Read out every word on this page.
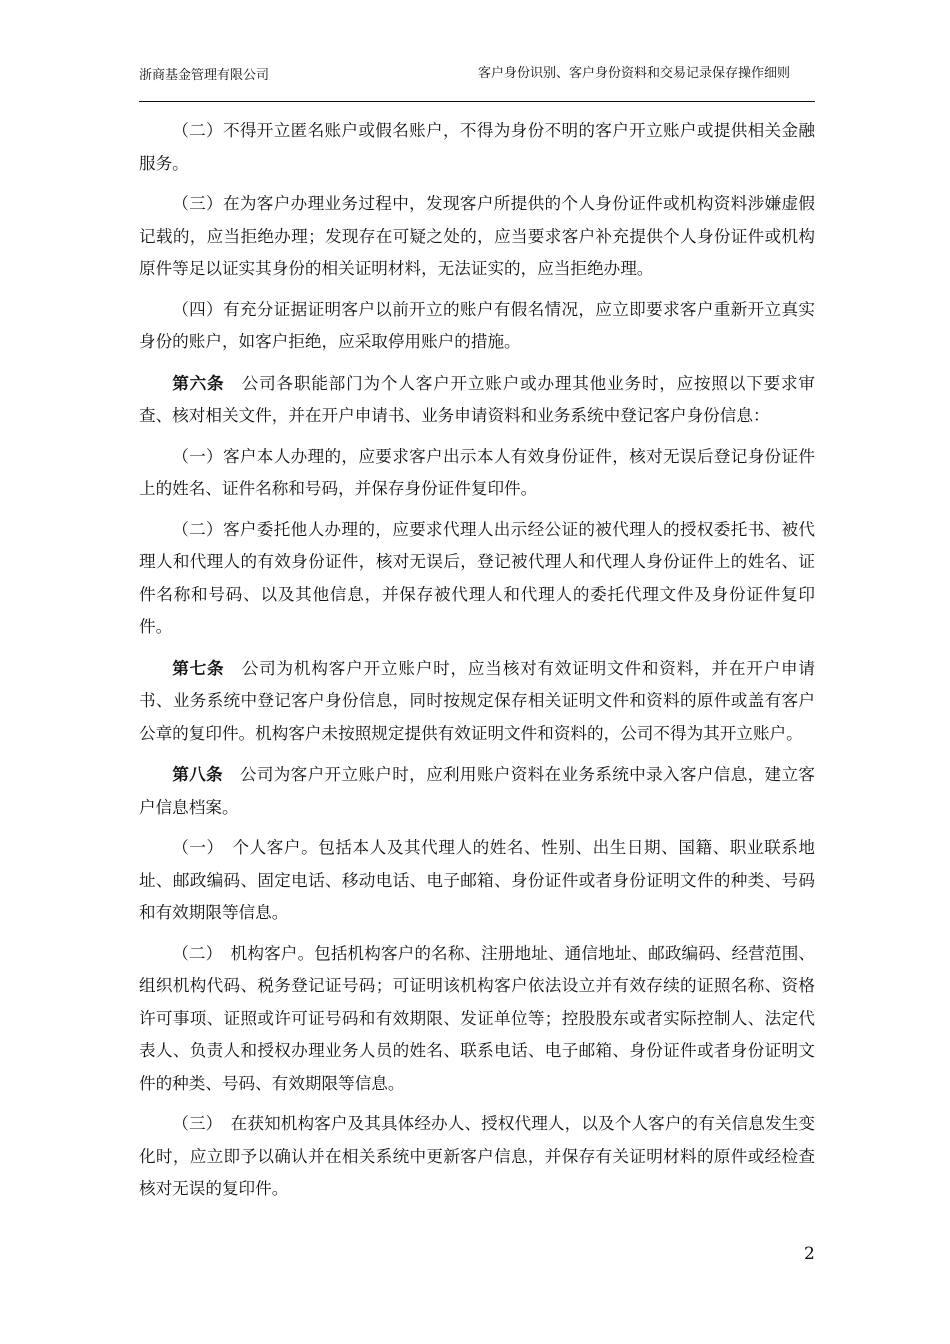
浙商基金管理有限公司	客户身份识别、客户身份资料和交易记录保存操作细则

（二）不得开立匿名账户或假名账户，不得为身份不明的客户开立账户或提供相关金融服务。

（三）在为客户办理业务过程中，发现客户所提供的个人身份证件或机构资料涉嫌虚假记载的，应当拒绝办理；发现存在可疑之处的，应当要求客户补充提供个人身份证件或机构原件等足以证实其身份的相关证明材料，无法证实的，应当拒绝办理。

（四）有充分证据证明客户以前开立的账户有假名情况，应立即要求客户重新开立真实身份的账户，如客户拒绝，应采取停用账户的措施。

第六条　公司各职能部门为个人客户开立账户或办理其他业务时，应按照以下要求审查、核对相关文件，并在开户申请书、业务申请资料和业务系统中登记客户身份信息：

（一）客户本人办理的，应要求客户出示本人有效身份证件，核对无误后登记身份证件上的姓名、证件名称和号码，并保存身份证件复印件。

（二）客户委托他人办理的，应要求代理人出示经公证的被代理人的授权委托书、被代理人和代理人的有效身份证件，核对无误后，登记被代理人和代理人身份证件上的姓名、证件名称和号码、以及其他信息，并保存被代理人和代理人的委托代理文件及身份证件复印件。

第七条　公司为机构客户开立账户时，应当核对有效证明文件和资料，并在开户申请书、业务系统中登记客户身份信息，同时按规定保存相关证明文件和资料的原件或盖有客户公章的复印件。机构客户未按照规定提供有效证明文件和资料的，公司不得为其开立账户。

第八条　公司为客户开立账户时，应利用账户资料在业务系统中录入客户信息，建立客户信息档案。

（一）　个人客户。包括本人及其代理人的姓名、性别、出生日期、国籍、职业联系地址、邮政编码、固定电话、移动电话、电子邮箱、身份证件或者身份证明文件的种类、号码和有效期限等信息。

（二）　机构客户。包括机构客户的名称、注册地址、通信地址、邮政编码、经营范围、组织机构代码、税务登记证号码；可证明该机构客户依法设立并有效存续的证照名称、资格许可事项、证照或许可证号码和有效期限、发证单位等；控股股东或者实际控制人、法定代表人、负责人和授权办理业务人员的姓名、联系电话、电子邮箱、身份证件或者身份证明文件的种类、号码、有效期限等信息。

（三）　在获知机构客户及其具体经办人、授权代理人，以及个人客户的有关信息发生变化时，应立即予以确认并在相关系统中更新客户信息，并保存有关证明材料的原件或经检查核对无误的复印件。

2
